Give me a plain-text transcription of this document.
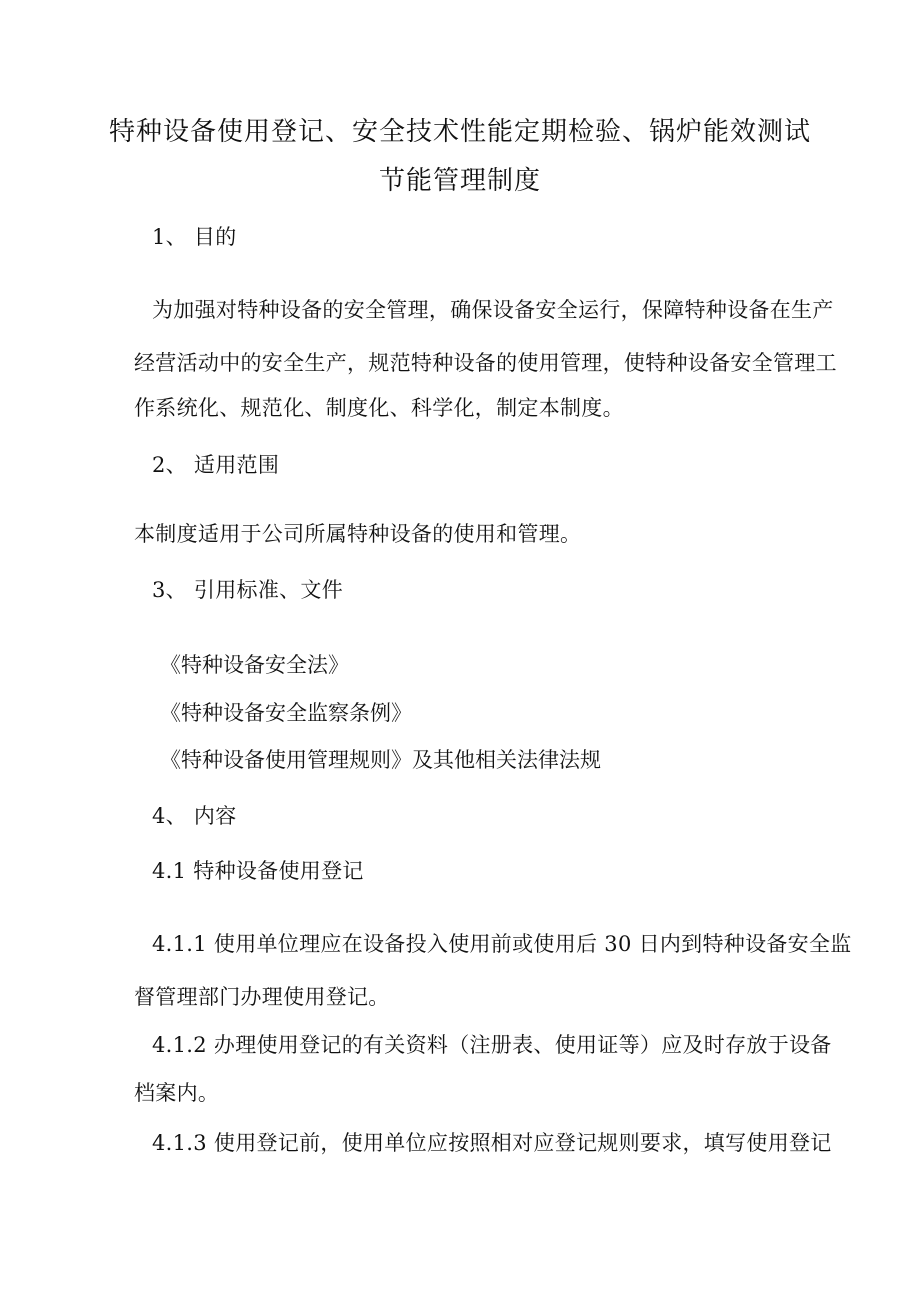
特种设备使用登记、安全技术性能定期检验、锅炉能效测试
节能管理制度
1、 目的
为加强对特种设备的安全管理，确保设备安全运行，保障特种设备在生产
经营活动中的安全生产，规范特种设备的使用管理，使特种设备安全管理工
作系统化、规范化、制度化、科学化，制定本制度。
2、 适用范围
本制度适用于公司所属特种设备的使用和管理。
3、 引用标准、文件
《特种设备安全法》
《特种设备安全监察条例》
《特种设备使用管理规则》及其他相关法律法规
4、 内容
4.1 特种设备使用登记
4.1.1 使用单位理应在设备投入使用前或使用后 30 日内到特种设备安全监
督管理部门办理使用登记。
4.1.2 办理使用登记的有关资料（注册表、使用证等）应及时存放于设备
档案内。
4.1.3 使用登记前，使用单位应按照相对应登记规则要求，填写使用登记
